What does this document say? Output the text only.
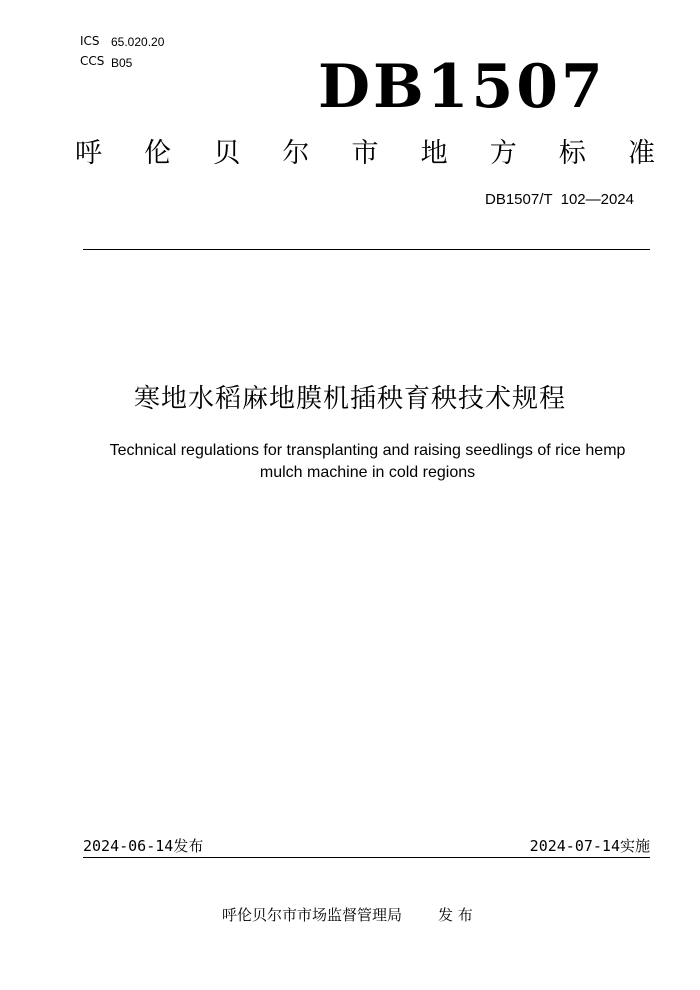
ICS 65.020.20
CCS B05	DB1507
呼 伦 贝 尔 市 地 方 标 准
DB1507/T  102—2024
寒地水稻麻地膜机插秧育秧技术规程
Technical regulations for transplanting and raising seedlings of rice hemp
mulch machine in cold regions
2024-06-14发布	2024-07-14实施
呼伦贝尔市市场监督管理局 发 布
